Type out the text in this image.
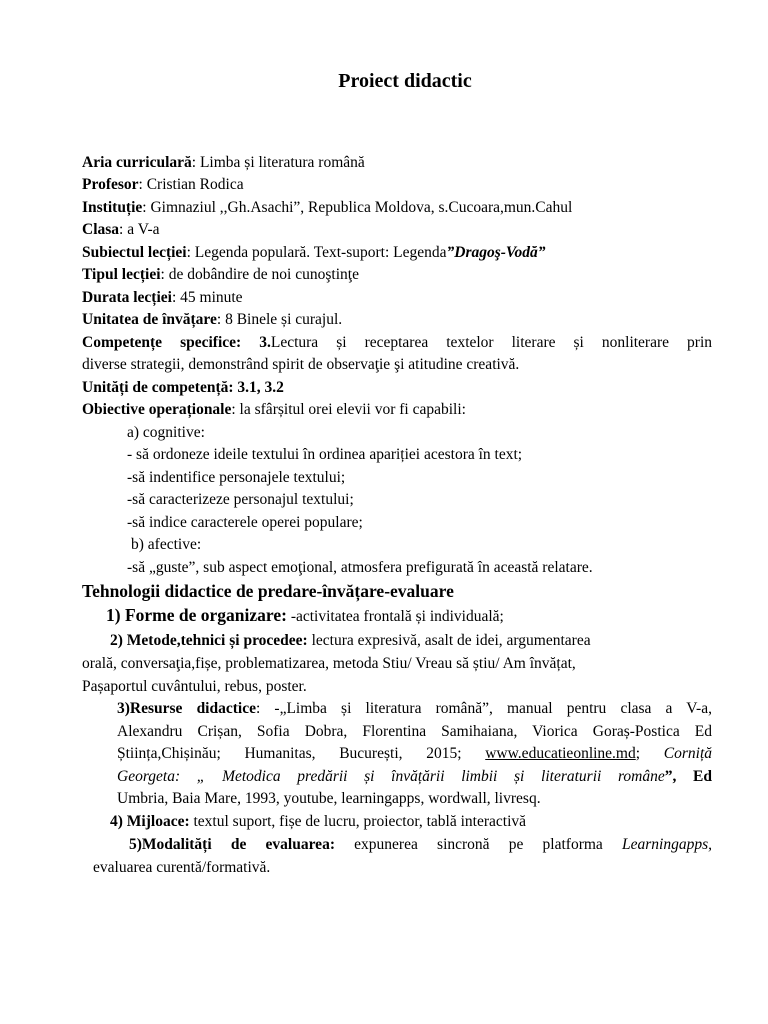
Proiect didactic
Aria curriculară: Limba și literatura română
Profesor: Cristian Rodica
Instituție: Gimnaziul ,,Gh.Asachi”, Republica Moldova, s.Cucoara,mun.Cahul
Clasa: a V-a
Subiectul lecției: Legenda populară. Text-suport: Legenda”Dragoş-Vodă”
Tipul lecției: de dobândire de noi cunoştinţe
Durata lecției: 45 minute
Unitatea de învățare: 8 Binele și curajul.
Competențe specifice: 3.Lectura și receptarea textelor literare și nonliterare prin
diverse strategii, demonstrând spirit de observaţie şi atitudine creativă.
Unități de competență: 3.1, 3.2
Obiective operaționale: la sfârșitul orei elevii vor fi capabili:
a) cognitive:
- să ordoneze ideile textului în ordinea apariției acestora în text;
-să indentifice personajele textului;
-să caracterizeze personajul textului;
-să indice caracterele operei populare;
b) afective:
-să „guste”, sub aspect emoţional, atmosfera prefigurată în această relatare.
Tehnologii didactice de predare-învățare-evaluare
1) Forme de organizare: -activitatea frontală și individuală;
2) Metode,tehnici și procedee: lectura expresivă, asalt de idei, argumentarea
orală, conversaţia,fișe, problematizarea, metoda Stiu/ Vreau să știu/ Am învățat,
Pașaportul cuvântului, rebus, poster.
3)Resurse didactice: -„Limba și literatura română”, manual pentru clasa a V-a,
Alexandru Crișan, Sofia Dobra, Florentina Samihaiana, Viorica Goraș-Postica Ed
Știința,Chișinău; Humanitas, București, 2015; www.educatieonline.md; Corniță
Georgeta: „ Metodica predării și învățării limbii și literaturii române”, Ed
Umbria, Baia Mare, 1993, youtube, learningapps, wordwall, livresq.
4) Mijloace: textul suport, fișe de lucru, proiector, tablă interactivă
5)Modalități de evaluarea: expunerea sincronă pe platforma Learningapps,
evaluarea curentă/formativă.
